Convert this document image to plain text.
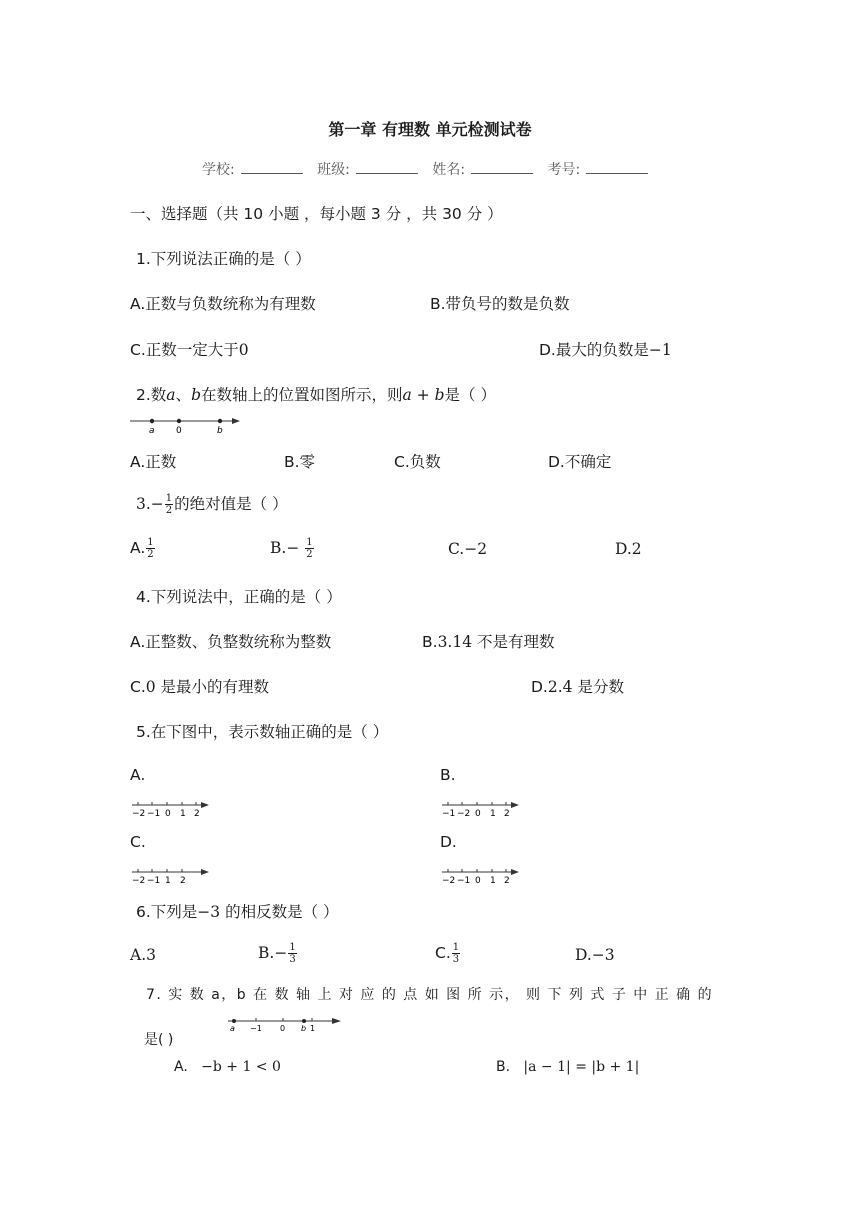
第一章 有理数 单元检测试卷
学校:	班级:	姓名:	考号:
一、选择题（共 10 小题 ，每小题 3 分 ，共 30 分 ）
1.下列说法正确的是（ ）
A.正数与负数统称为有理数	B.带负号的数是负数
C.正数一定大于0	D.最大的负数是−1
2.数a、b在数轴上的位置如图所示，则a + b是（ ）
a 0	b
A.正数	B.零	C.负数	D.不确定
$3.- \frac{1}{2}$ 的绝对值是（ ）
A. $\frac{1}{2}$	$B.- \frac{1}{2}$	C.−2	D.2
4.下列说法中，正确的是（ ）
A.正整数、负整数统称为整数	B.3.14 不是有理数
C.0 是最小的有理数	D.2.4 是分数
5.在下图中，表示数轴正确的是（ ）
A.	B.
−2 −1 0 1 2	−1 −2 0 1 2
C.	D.
−2 −1 1 2	−2 −1 0 1 2
6.下列是−3 的相反数是（ ）
A.3	$B.- \frac{1}{3}$	C. $\frac{1}{3}$	D.−3
7. 实 数 a，b 在 数 轴 上 对 应 的 点 如 图 所 示， 则 下 列 式 子 中 正 确 的
是( )
a −1 0 b 1
A. −b + 1 < 0	B. |a − 1| = |b + 1|
